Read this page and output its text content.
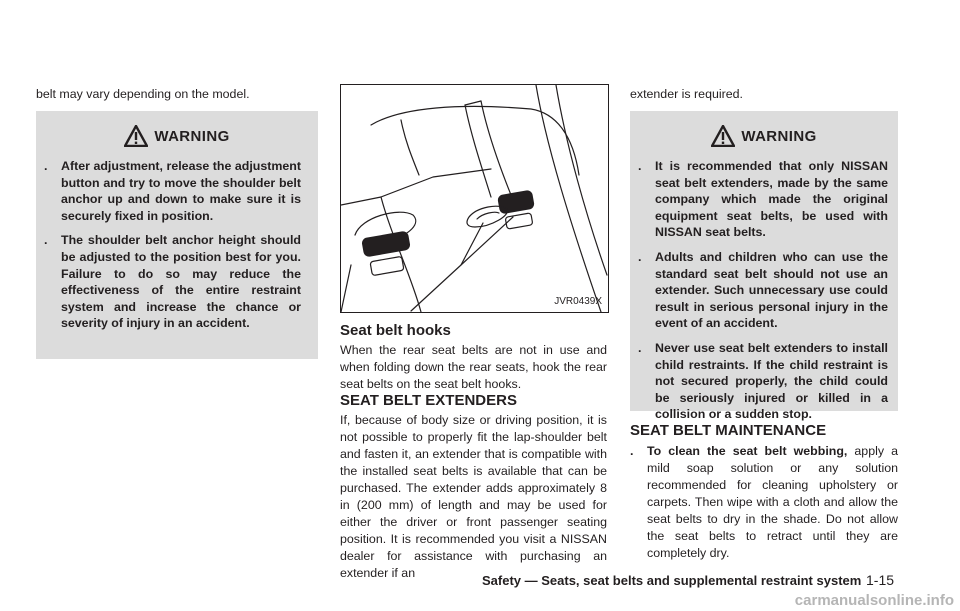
belt may vary depending on the model.

WARNING
.	After adjustment, release the adjustment button and try to move the shoulder belt anchor up and down to make sure it is securely fixed in position.
.	The shoulder belt anchor height should be adjusted to the position best for you. Failure to do so may reduce the effectiveness of the entire restraint system and increase the chance or severity of injury in an accident.
JVR0439X
Seat belt hooks

When the rear seat belts are not in use and when folding down the rear seats, hook the rear seat belts on the seat belt hooks.

SEAT BELT EXTENDERS

If, because of body size or driving position, it is not possible to properly fit the lap-shoulder belt and fasten it, an extender that is compatible with the installed seat belts is available that can be purchased. The extender adds approximately 8 in (200 mm) of length and may be used for either the driver or front passenger seating position. It is recommended you visit a NISSAN dealer for assistance with purchasing an extender if an

extender is required.

WARNING
.	It is recommended that only NISSAN seat belt extenders, made by the same company which made the original equipment seat belts, be used with NISSAN seat belts.
.	Adults and children who can use the standard seat belt should not use an extender. Such unnecessary use could result in serious personal injury in the event of an accident.
.	Never use seat belt extenders to install child restraints. If the child restraint is not secured properly, the child could be seriously injured or killed in a collision or a sudden stop.
SEAT BELT MAINTENANCE
.	To clean the seat belt webbing, apply a mild soap solution or any solution recommended for cleaning upholstery or carpets. Then wipe with a cloth and allow the seat belts to dry in the shade. Do not allow the seat belts to retract until they are completely dry.
Safety — Seats, seat belts and supplemental restraint system 1-15
carmanualsonline.info
